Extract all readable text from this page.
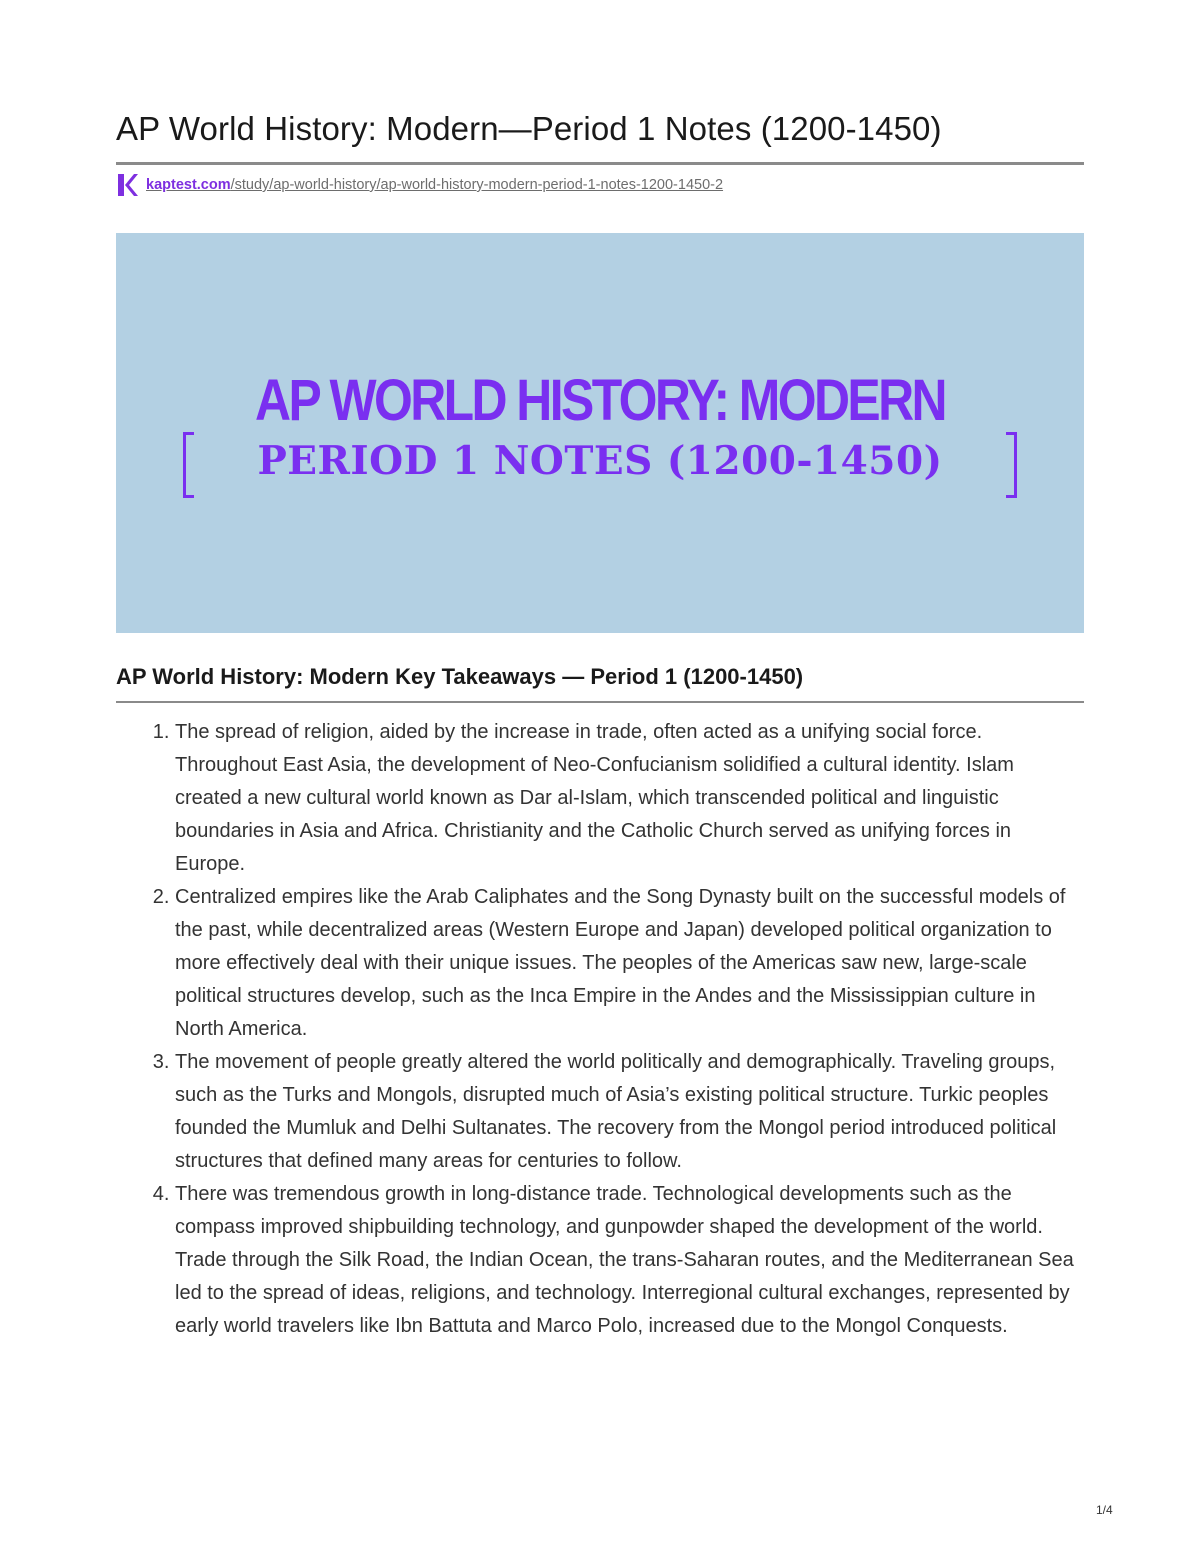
AP World History: Modern—Period 1 Notes (1200-1450)
kaptest.com/study/ap-world-history/ap-world-history-modern-period-1-notes-1200-1450-2
AP WORLD HISTORY: MODERN
PERIOD 1 NOTES (1200-1450)
AP World History: Modern Key Takeaways — Period 1 (1200-1450)
1. The spread of religion, aided by the increase in trade, often acted as a unifying social force. Throughout East Asia, the development of Neo-Confucianism solidified a cultural identity. Islam created a new cultural world known as Dar al-Islam, which transcended political and linguistic boundaries in Asia and Africa. Christianity and the Catholic Church served as unifying forces in Europe.
2. Centralized empires like the Arab Caliphates and the Song Dynasty built on the successful models of the past, while decentralized areas (Western Europe and Japan) developed political organization to more effectively deal with their unique issues. The peoples of the Americas saw new, large-scale political structures develop, such as the Inca Empire in the Andes and the Mississippian culture in North America.
3. The movement of people greatly altered the world politically and demographically. Traveling groups, such as the Turks and Mongols, disrupted much of Asia’s existing political structure. Turkic peoples founded the Mumluk and Delhi Sultanates. The recovery from the Mongol period introduced political structures that defined many areas for centuries to follow.
4. There was tremendous growth in long-distance trade. Technological developments such as the compass improved shipbuilding technology, and gunpowder shaped the development of the world. Trade through the Silk Road, the Indian Ocean, the trans-Saharan routes, and the Mediterranean Sea led to the spread of ideas, religions, and technology. Interregional cultural exchanges, represented by early world travelers like Ibn Battuta and Marco Polo, increased due to the Mongol Conquests.
1/4
